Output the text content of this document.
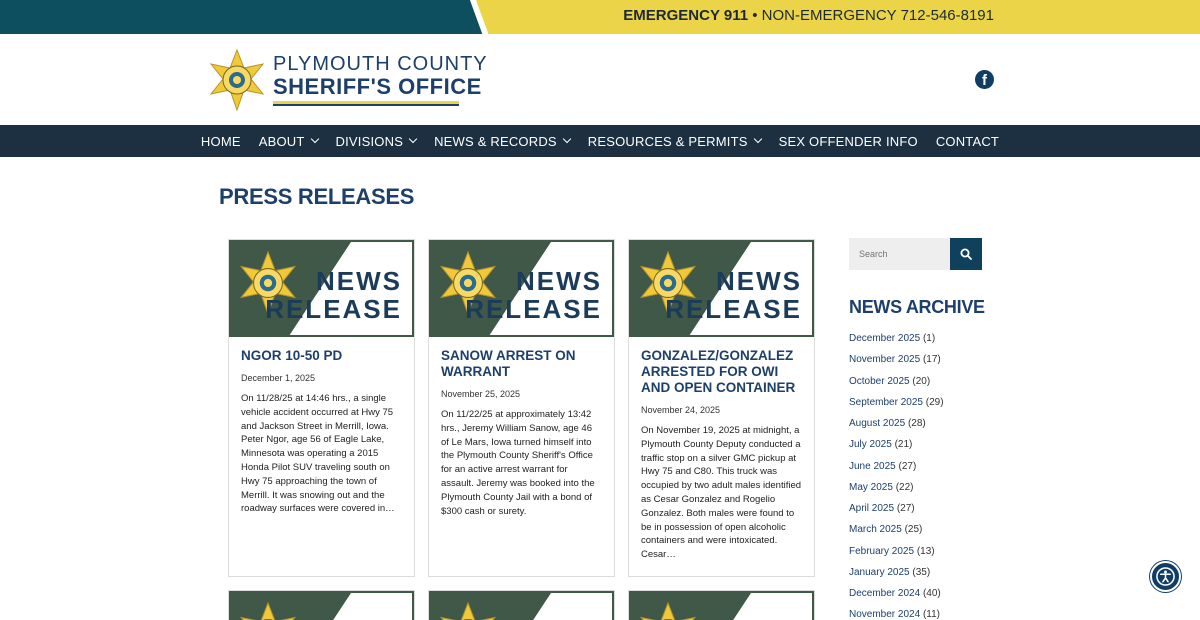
EMERGENCY 911 • NON-EMERGENCY 712-546-8191
PLYMOUTH COUNTY
SHERIFF'S OFFICE	f
HOME ABOUT DIVISIONS NEWS & RECORDS RESOURCES & PERMITS SEX OFFENDER INFO CONTACT
PRESS RELEASES
NEWS
RELEASE
NGOR 10-50 PD
December 1, 2025

On 11/28/25 at 14:46 hrs., a single vehicle accident occurred at Hwy 75 and Jackson Street in Merrill, Iowa. Peter Ngor, age 56 of Eagle Lake, Minnesota was operating a 2015 Honda Pilot SUV traveling south on Hwy 75 approaching the town of Merrill. It was snowing out and the roadway surfaces were covered in…

NEWS
RELEASE
SANOW ARREST ON WARRANT
November 25, 2025

On 11/22/25 at approximately 13:42 hrs., Jeremy William Sanow, age 46 of Le Mars, Iowa turned himself into the Plymouth County Sheriff's Office for an active arrest warrant for assault. Jeremy was booked into the Plymouth County Jail with a bond of $300 cash or surety.

NEWS
RELEASE
GONZALEZ/GONZALEZ ARRESTED FOR OWI AND OPEN CONTAINER
November 24, 2025

On November 19, 2025 at midnight, a Plymouth County Deputy conducted a traffic stop on a silver GMC pickup at Hwy 75 and C80. This truck was occupied by two adult males identified as Cesar Gonzalez and Rogelio Gonzalez. Both males were found to be in possession of open alcoholic containers and were intoxicated. Cesar…

Search
NEWS ARCHIVE
December 2025 (1)
November 2025 (17)
October 2025 (20)
September 2025 (29)
August 2025 (28)
July 2025 (21)
June 2025 (27)
May 2025 (22)
April 2025 (27)
March 2025 (25)
February 2025 (13)
January 2025 (35)
December 2024 (40)
November 2024 (11)
